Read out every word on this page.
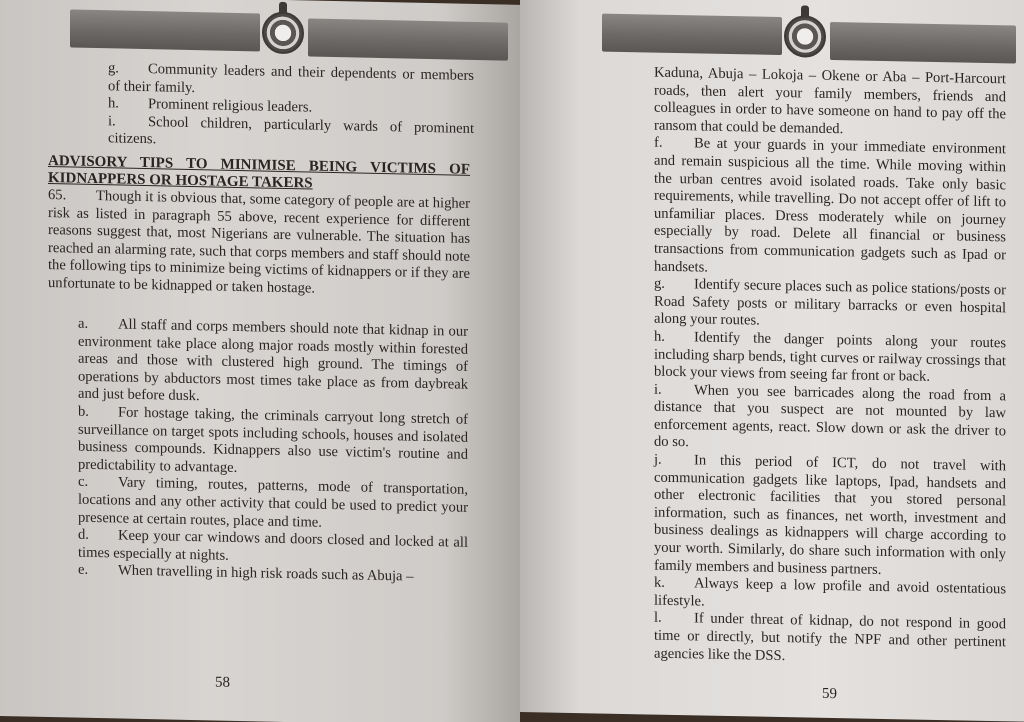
g. Community leaders and their dependents or members of their family.

h. Prominent religious leaders.

i. School children, particularly wards of prominent citizens.

ADVISORY TIPS TO MINIMISE BEING VICTIMS OF KIDNAPPERS OR HOSTAGE TAKERS

65. Though it is obvious that, some category of people are at higher risk as listed in paragraph 55 above, recent experience for different reasons suggest that, most Nigerians are vulnerable. The situation has reached an alarming rate, such that corps members and staff should note the following tips to minimize being victims of kidnappers or if they are unfortunate to be kidnapped or taken hostage.

a. All staff and corps members should note that kidnap in our environment take place along major roads mostly within forested areas and those with clustered high ground. The timings of operations by abductors most times take place as from daybreak and just before dusk.

b. For hostage taking, the criminals carryout long stretch of surveillance on target spots including schools, houses and isolated business compounds. Kidnappers also use victim's routine and predictability to advantage.

c. Vary timing, routes, patterns, mode of transportation, locations and any other activity that could be used to predict your presence at certain routes, place and time.

d. Keep your car windows and doors closed and locked at all times especially at nights.

e. When travelling in high risk roads such as Abuja –

58

Kaduna, Abuja – Lokoja – Okene or Aba – Port-Harcourt roads, then alert your family members, friends and colleagues in order to have someone on hand to pay off the ransom that could be demanded.

f. Be at your guards in your immediate environment and remain suspicious all the time. While moving within the urban centres avoid isolated roads. Take only basic requirements, while travelling. Do not accept offer of lift to unfamiliar places. Dress moderately while on journey especially by road. Delete all financial or business transactions from communication gadgets such as Ipad or handsets.

g. Identify secure places such as police stations/posts or Road Safety posts or military barracks or even hospital along your routes.

h. Identify the danger points along your routes including sharp bends, tight curves or railway crossings that block your views from seeing far front or back.

i. When you see barricades along the road from a distance that you suspect are not mounted by law enforcement agents, react. Slow down or ask the driver to do so.

j. In this period of ICT, do not travel with communication gadgets like laptops, Ipad, handsets and other electronic facilities that you stored personal information, such as finances, net worth, investment and business dealings as kidnappers will charge according to your worth. Similarly, do share such information with only family members and business partners.

k. Always keep a low profile and avoid ostentatious lifestyle.

l. If under threat of kidnap, do not respond in good time or directly, but notify the NPF and other pertinent agencies like the DSS.

59
